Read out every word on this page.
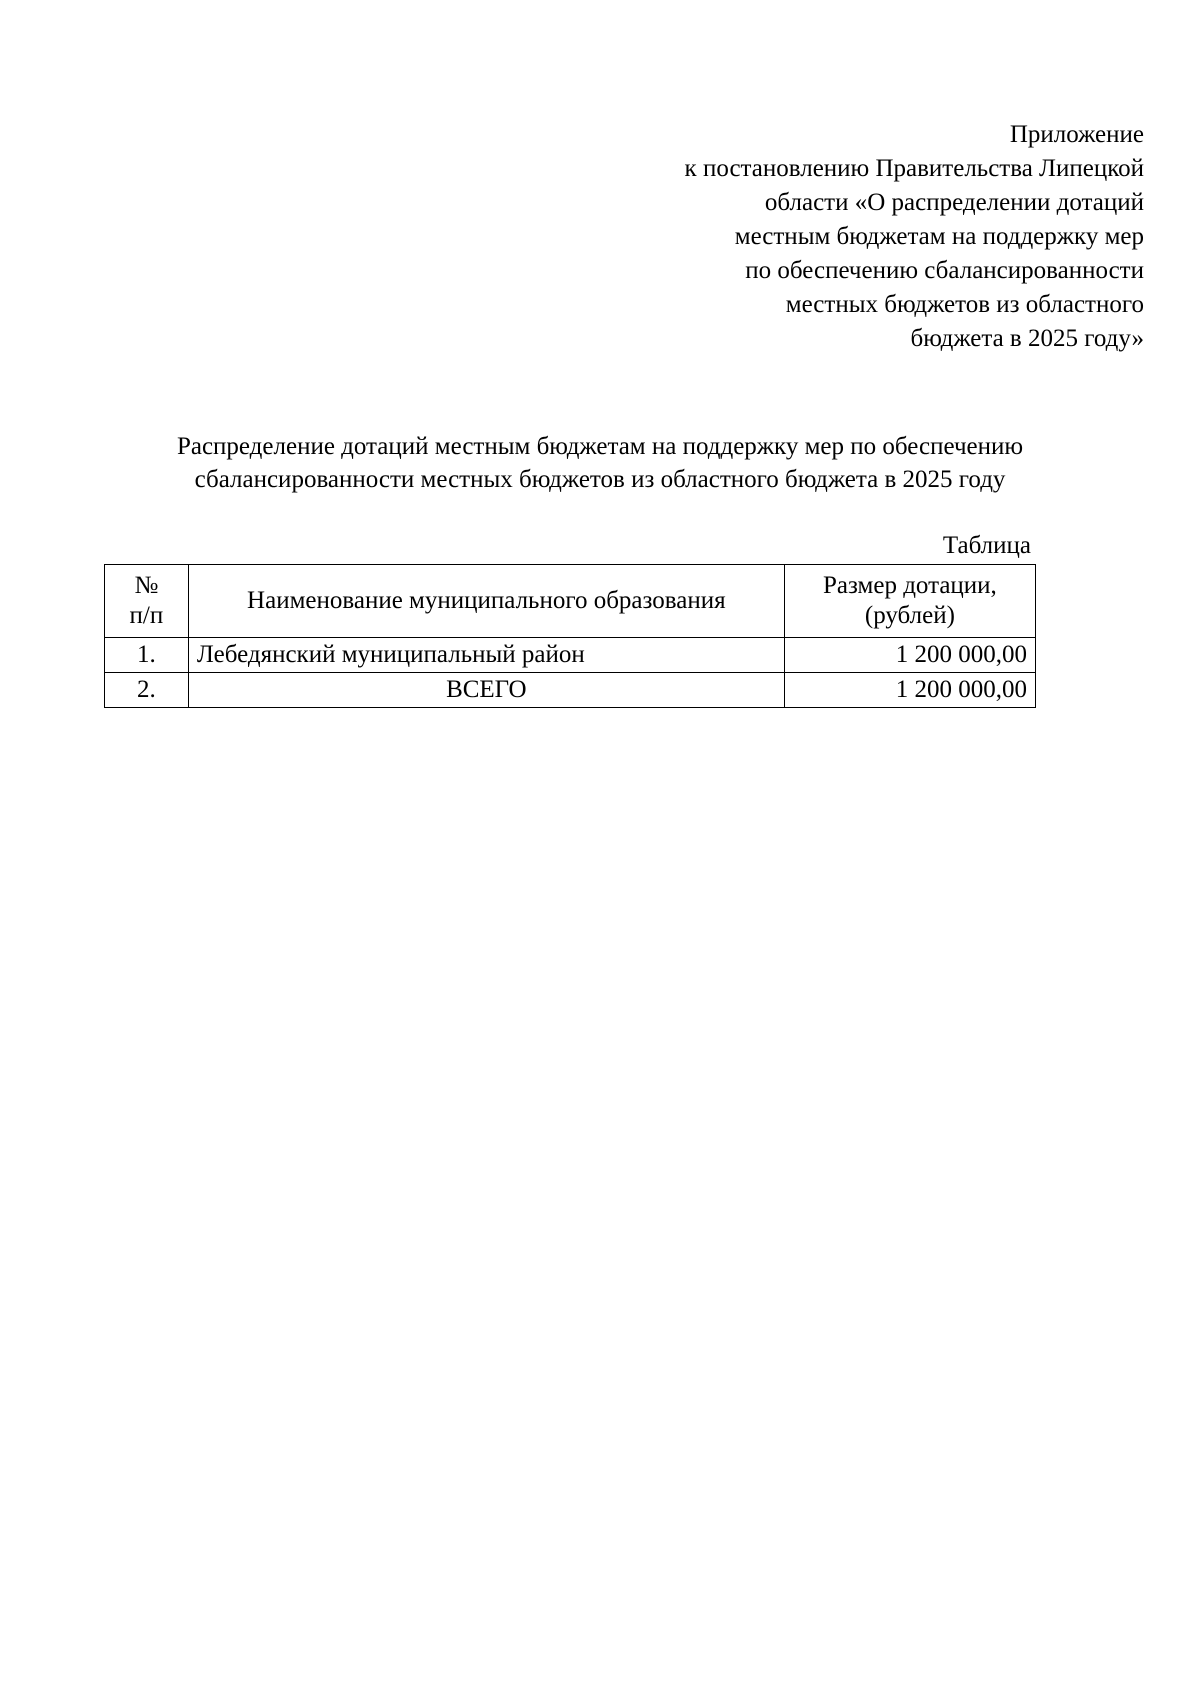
Приложение
к постановлению Правительства Липецкой
области «О распределении дотаций
местным бюджетам на поддержку мер
по обеспечению сбалансированности
местных бюджетов из областного
бюджета в 2025 году»
Распределение дотаций местным бюджетам на поддержку мер по обеспечению
сбалансированности местных бюджетов из областного бюджета в 2025 году
Таблица
№
п/п	Наименование муниципального образования	Размер дотации,
(рублей)

1.	Лебедянский муниципальный район	1 200 000,00
2.	ВСЕГО	1 200 000,00
